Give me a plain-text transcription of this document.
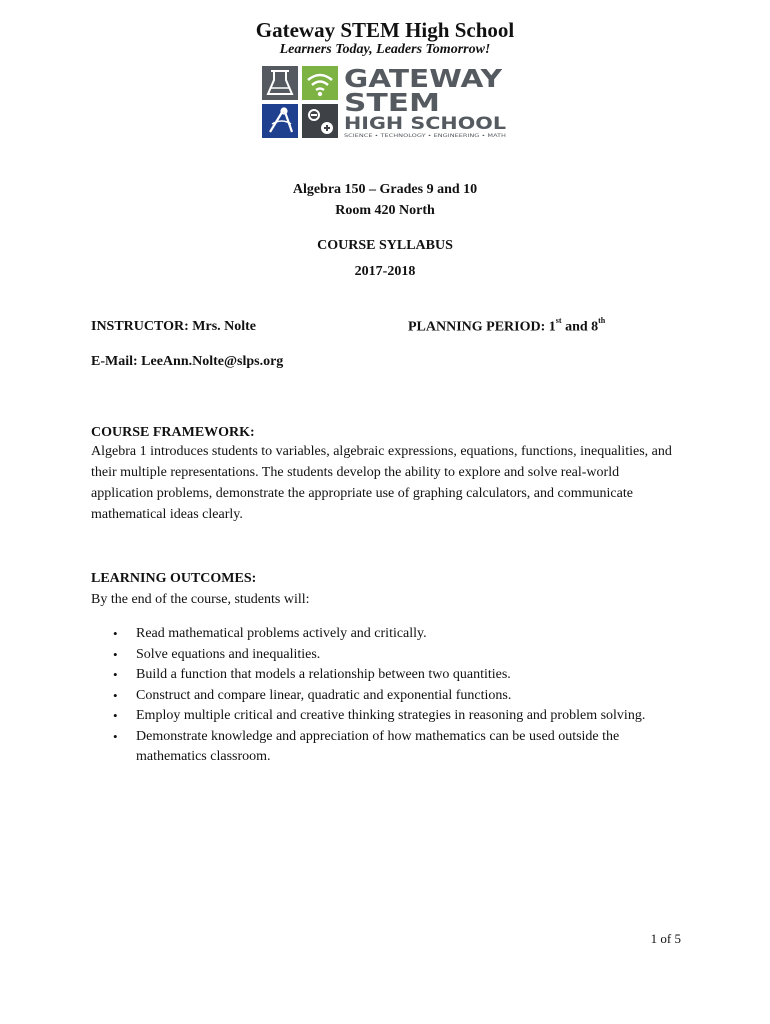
Gateway STEM High School
Learners Today, Leaders Tomorrow!
GATEWAY
STEM
HIGH SCHOOL
SCIENCE • TECHNOLOGY • ENGINEERING • MATH
Algebra 150 – Grades 9 and 10
Room 420 North
COURSE SYLLABUS
2017-2018
INSTRUCTOR: Mrs. Nolte	PLANNING PERIOD: 1st and 8th
E-Mail: LeeAnn.Nolte@slps.org
COURSE FRAMEWORK:
Algebra 1 introduces students to variables, algebraic expressions, equations, functions, inequalities, and their multiple representations. The students develop the ability to explore and solve real-world application problems, demonstrate the appropriate use of graphing calculators, and communicate mathematical ideas clearly.
LEARNING OUTCOMES:
By the end of the course, students will:
• Read mathematical problems actively and critically.
• Solve equations and inequalities.
• Build a function that models a relationship between two quantities.
• Construct and compare linear, quadratic and exponential functions.
• Employ multiple critical and creative thinking strategies in reasoning and problem solving.
• Demonstrate knowledge and appreciation of how mathematics can be used outside the mathematics classroom.
1 of 5
